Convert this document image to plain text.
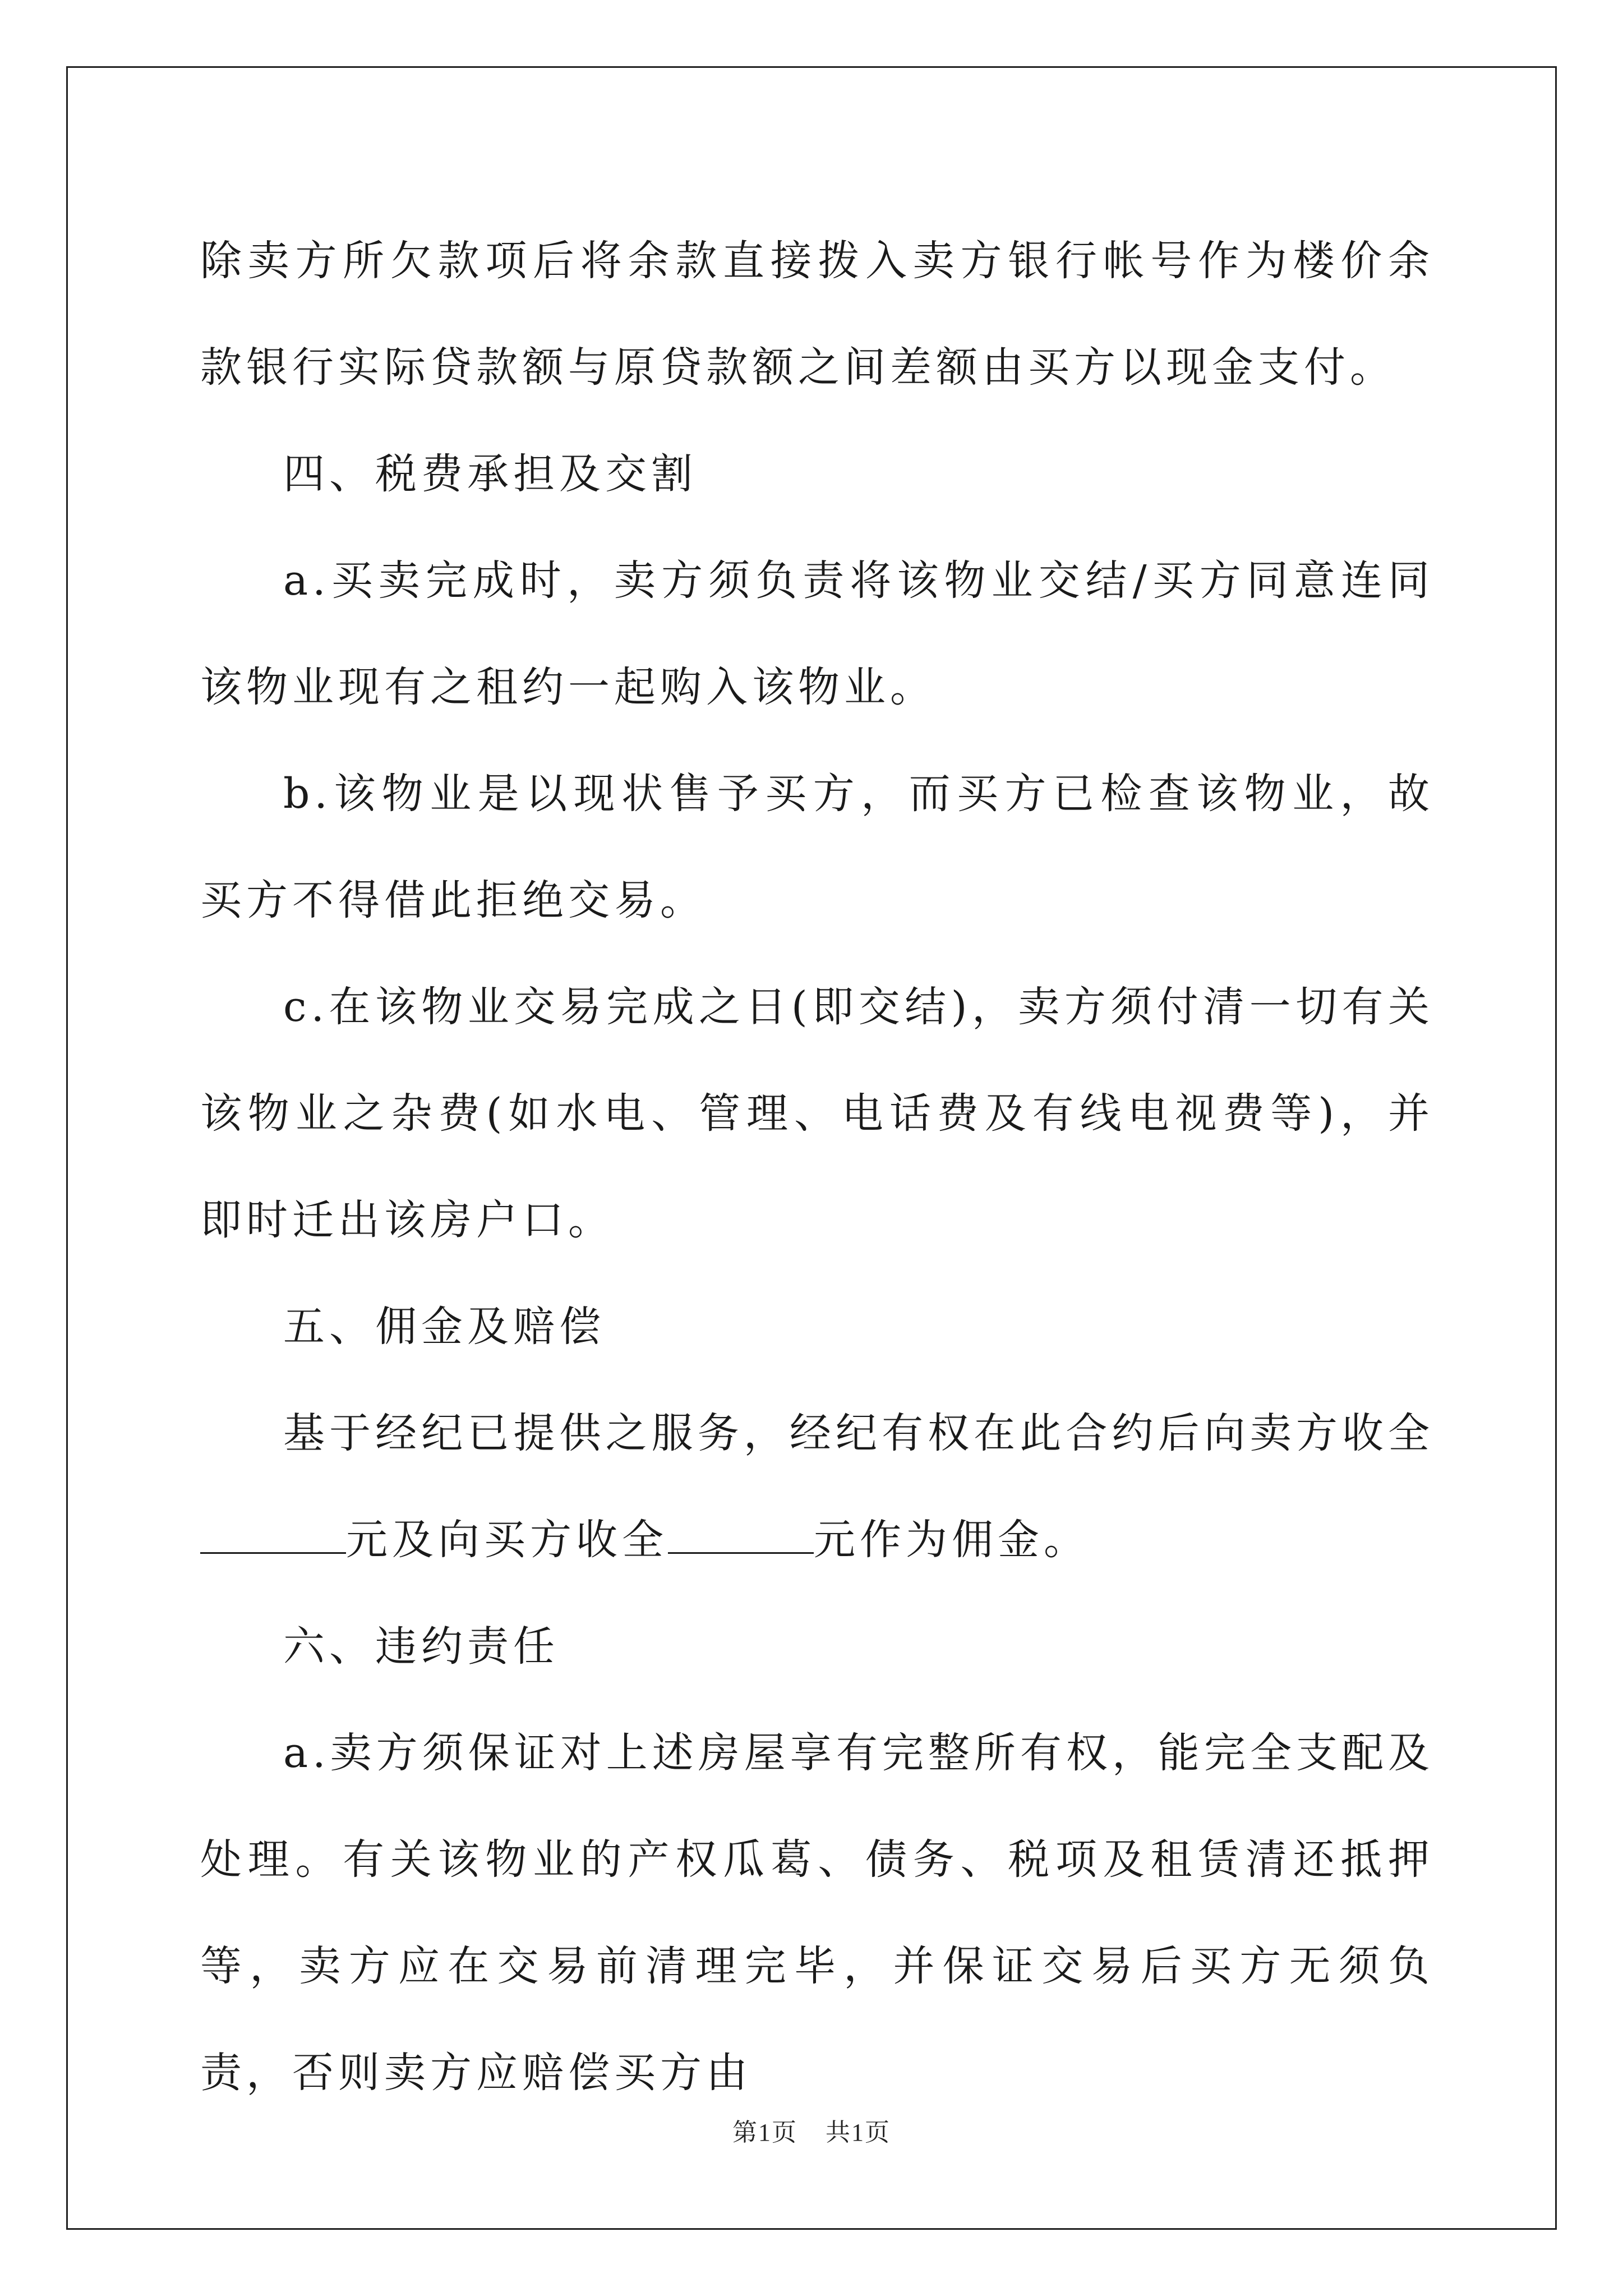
除卖方所欠款项后将余款直接拨入卖方银行帐号作为楼价余款银行实际贷款额与原贷款额之间差额由买方以现金支付。

四、税费承担及交割

a.买卖完成时，卖方须负责将该物业交结/买方同意连同该物业现有之租约一起购入该物业。

b.该物业是以现状售予买方，而买方已检查该物业，故买方不得借此拒绝交易。

c.在该物业交易完成之日(即交结)，卖方须付清一切有关该物业之杂费(如水电、管理、电话费及有线电视费等)，并即时迁出该房户口。

五、佣金及赔偿

基于经纪已提供之服务，经纪有权在此合约后向卖方收全元及向买方收全	元作为佣金。

六、违约责任

a.卖方须保证对上述房屋享有完整所有权，能完全支配及处理。有关该物业的产权瓜葛、债务、税项及租赁清还抵押等，卖方应在交易前清理完毕，并保证交易后买方无须负责，否则卖方应赔偿买方由

第1页 共1页
